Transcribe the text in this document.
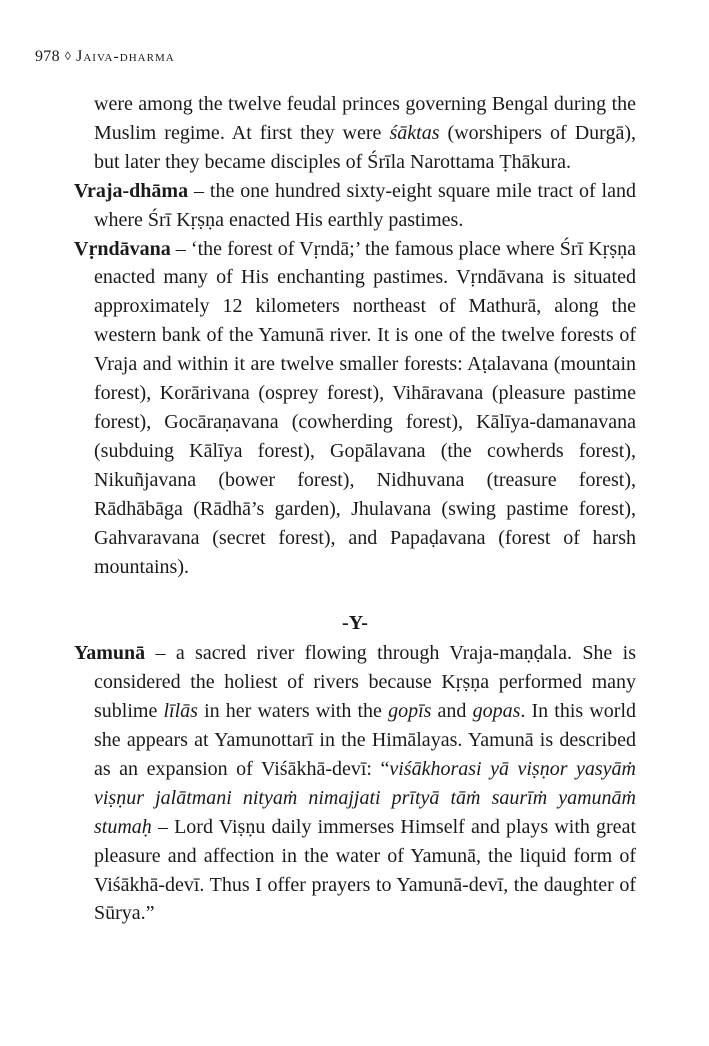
978 ◊ Jaiva-dharma

were among the twelve feudal princes governing Bengal during the Muslim regime. At first they were śāktas (worshipers of Durgā), but later they became disciples of Śrīla Narottama Ṭhākura.

Vraja-dhāma – the one hundred sixty-eight square mile tract of land where Śrī Kṛṣṇa enacted His earthly pastimes.

Vṛndāvana – ‘the forest of Vṛndā;’ the famous place where Śrī Kṛṣṇa enacted many of His enchanting pastimes. Vṛndāvana is situated approximately 12 kilometers northeast of Mathurā, along the western bank of the Yamunā river. It is one of the twelve forests of Vraja and within it are twelve smaller forests: Aṭalavana (mountain forest), Korārivana (osprey forest), Vihāravana (pleasure pastime forest), Gocāraṇavana (cowherding forest), Kālīya-damanavana (subduing Kālīya forest), Gopālavana (the cowherds forest), Nikuñjavana (bower forest), Nidhuvana (treasure forest), Rādhābāga (Rādhā’s garden), Jhulavana (swing pastime forest), Gahvaravana (secret forest), and Papaḍavana (forest of harsh mountains).

-Y-

Yamunā – a sacred river flowing through Vraja-maṇḍala. She is considered the holiest of rivers because Kṛṣṇa performed many sublime līlās in her waters with the gopīs and gopas. In this world she appears at Yamunottarī in the Himālayas. Yamunā is described as an expansion of Viśākhā-devī: “viśākhorasi yā viṣṇor yasyāṁ viṣṇur jalātmani nityaṁ nimajjati prītyā tāṁ saurīṁ yamunāṁ stumaḥ – Lord Viṣṇu daily immerses Himself and plays with great pleasure and affection in the water of Yamunā, the liquid form of Viśākhā-devī. Thus I offer prayers to Yamunā-devī, the daughter of Sūrya.”
